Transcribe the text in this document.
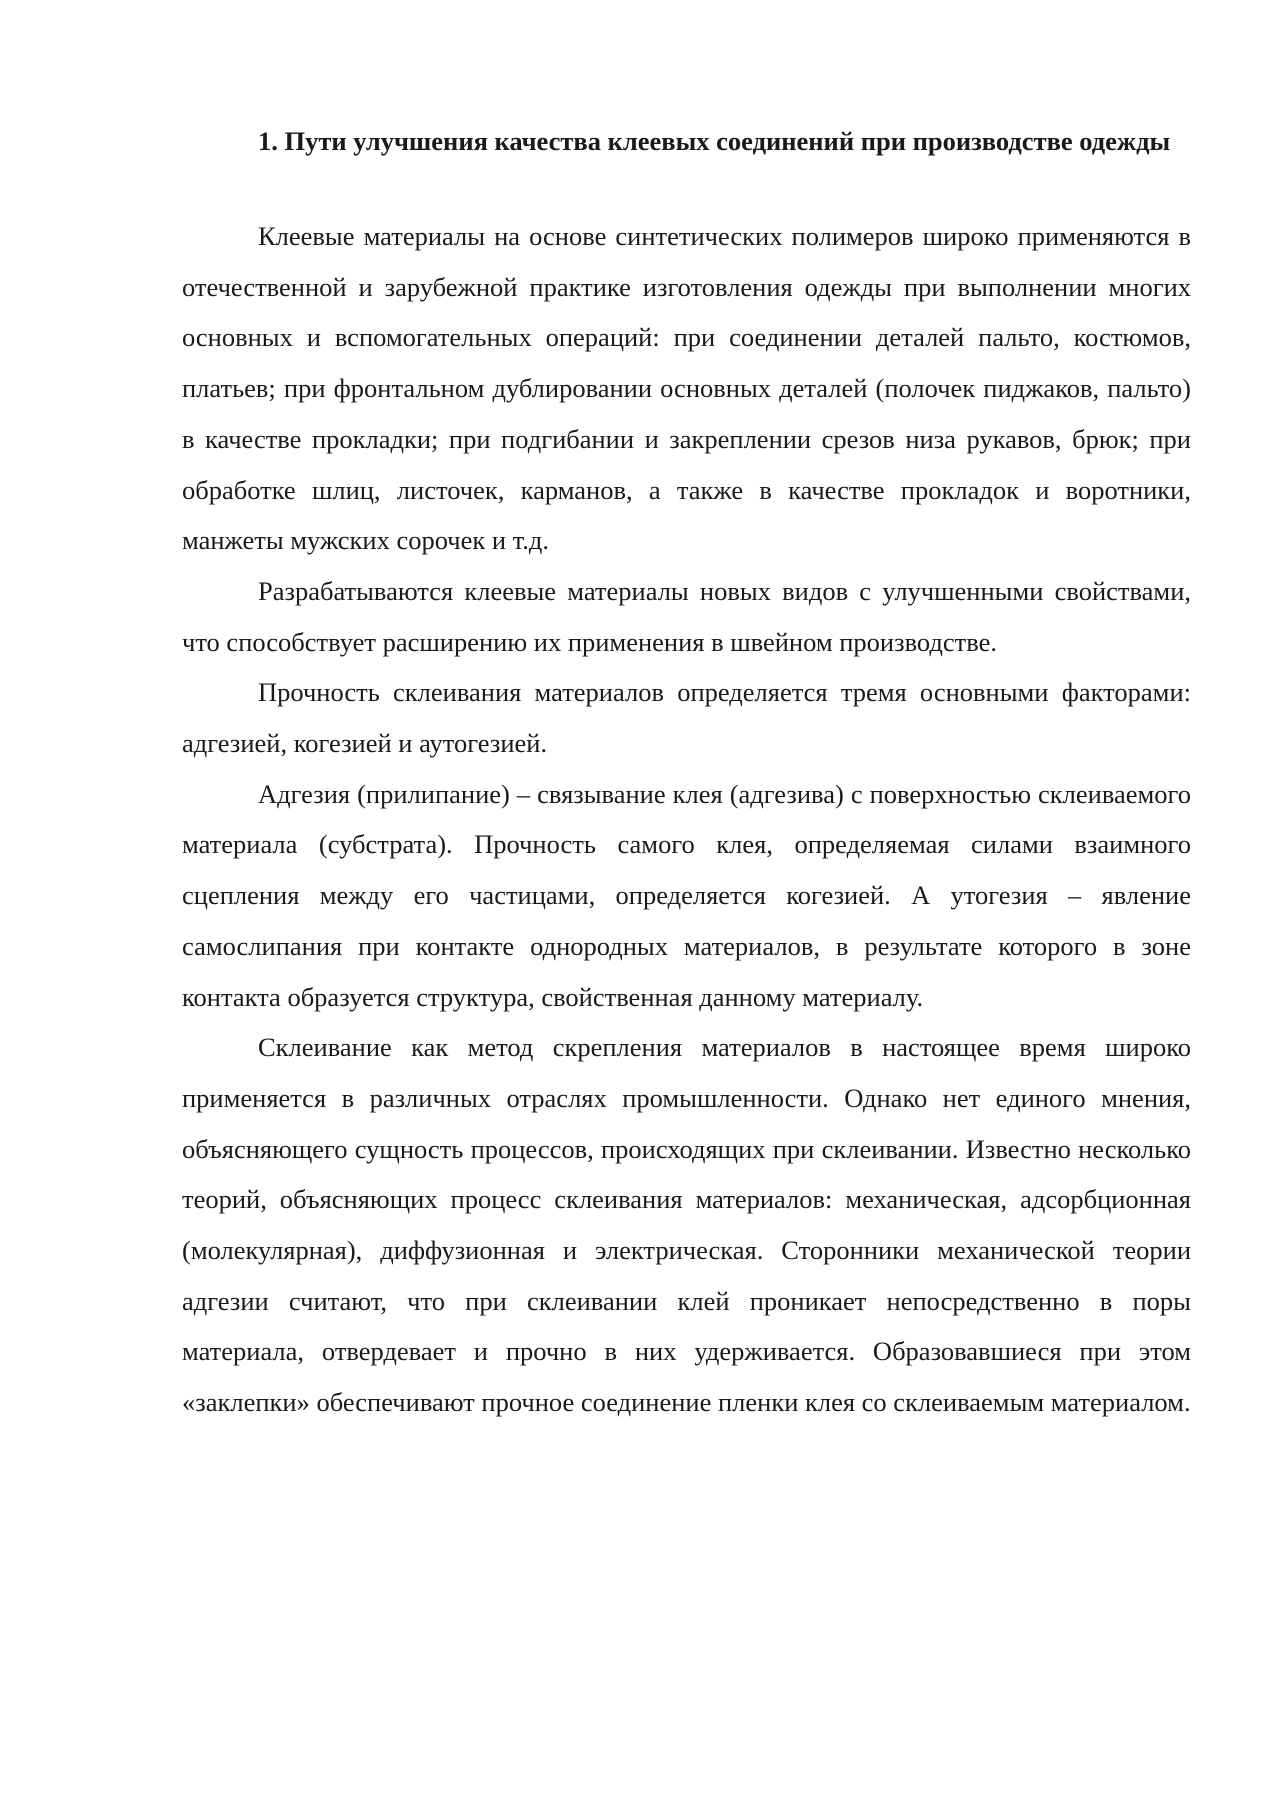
1. Пути улучшения качества клеевых соединений при производстве одежды

Клеевые материалы на основе синтетических полимеров широко применяются в отечественной и зарубежной практике изготовления одежды при выполнении многих основных и вспомогательных операций: при соединении деталей пальто, костюмов, платьев; при фронтальном дублировании основных деталей (полочек пиджаков, пальто) в качестве прокладки; при подгибании и закреплении срезов низа рукавов, брюк; при обработке шлиц, листочек, карманов, а также в качестве прокладок и воротники, манжеты мужских сорочек и т.д.

Разрабатываются клеевые материалы новых видов с улучшенными свойствами, что способствует расширению их применения в швейном производстве.

Прочность склеивания материалов определяется тремя основными факторами: адгезией, когезией и аутогезией.

Адгезия (прилипание) – связывание клея (адгезива) с поверхностью склеиваемого материала (субстрата). Прочность самого клея, определяемая силами взаимного сцепления между его частицами, определяется когезией. А утогезия – явление самослипания при контакте однородных материалов, в результате которого в зоне контакта образуется структура, свойственная данному материалу.

Склеивание как метод скрепления материалов в настоящее время широко применяется в различных отраслях промышленности. Однако нет единого мнения, объясняющего сущность процессов, происходящих при склеивании. Известно несколько теорий, объясняющих процесс склеивания материалов: механическая, адсорбционная (молекулярная), диффузионная и электрическая. Сторонники механической теории адгезии считают, что при склеивании клей проникает непосредственно в поры материала, отвердевает и прочно в них удерживается. Образовавшиеся при этом «заклепки» обеспечивают прочное соединение пленки клея со склеиваемым материалом.
